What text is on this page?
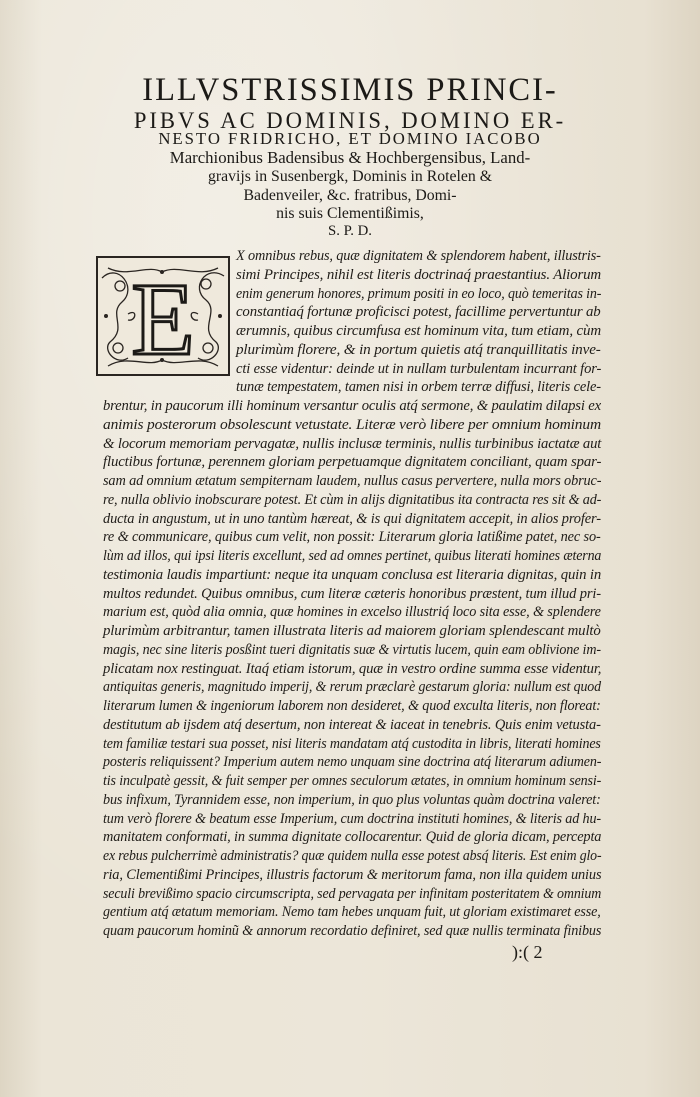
ILLVSTRISSIMIS PRINCI-
PIBVS AC DOMINIS, DOMINO ER-
NESTO FRIDRICHO, ET DOMINO IACOBO
Marchionibus Badensibus & Hochbergensibus, Land-
gravijs in Susenbergk, Dominis in Rotelen &
Badenveiler, &c. fratribus, Domi-
nis suis Clementißimis,
S. P. D.
E
X omnibus rebus, quæ dignitatem & splendorem habent, illustris-
simi Principes, nihil est literis doctrinaq́ praestantius. Aliorum
enim generum honores, primum positi in eo loco, quò temeritas in-
constantiaq́ fortunæ proficisci potest, facillime pervertuntur ab
ærumnis, quibus circumfusa est hominum vita, tum etiam, cùm
plurimùm florere, & in portum quietis atq́ tranquillitatis inve-
cti esse videntur: deinde ut in nullam turbulentam incurrant for-
tunæ tempestatem, tamen nisi in orbem terræ diffusi, literis cele-
brentur, in paucorum illi hominum versantur oculis atq́ sermone, & paulatim dilapsi ex
animis posterorum obsolescunt vetustate. Literæ verò libere per omnium hominum
& locorum memoriam pervagatæ, nullis inclusæ terminis, nullis turbinibus iactatæ aut
fluctibus fortunæ, perennem gloriam perpetuamque dignitatem conciliant, quam spar-
sam ad omnium ætatum sempiternam laudem, nullus casus pervertere, nulla mors obruc-
re, nulla oblivio inobscurare potest. Et cùm in alijs dignitatibus ita contracta res sit & ad-
ducta in angustum, ut in uno tantùm hæreat, & is qui dignitatem accepit, in alios profer-
re & communicare, quibus cum velit, non possit: Literarum gloria latißime patet, nec so-
lùm ad illos, qui ipsi literis excellunt, sed ad omnes pertinet, quibus literati homines æterna
testimonia laudis impartiunt: neque ita unquam conclusa est literaria dignitas, quin in
multos redundet. Quibus omnibus, cum literæ cæteris honoribus præstent, tum illud pri-
marium est, quòd alia omnia, quæ homines in excelso illustriq́ loco sita esse, & splendere
plurimùm arbitrantur, tamen illustrata literis ad maiorem gloriam splendescant multò
magis, nec sine literis posßint tueri dignitatis suæ & virtutis lucem, quin eam oblivione im-
plicatam nox restinguat. Itaq́ etiam istorum, quæ in vestro ordine summa esse videntur,
antiquitas generis, magnitudo imperij, & rerum præclarè gestarum gloria: nullum est quod
literarum lumen & ingeniorum laborem non desideret, & quod exculta literis, non floreat:
destitutum ab ijsdem atq́ desertum, non intereat & iaceat in tenebris. Quis enim vetusta-
tem familiæ testari sua posset, nisi literis mandatam atq́ custodita in libris, literati homines
posteris reliquissent? Imperium autem nemo unquam sine doctrina atq́ literarum adiumen-
tis inculpatè gessit, & fuit semper per omnes seculorum ætates, in omnium hominum sensi-
bus infixum, Tyrannidem esse, non imperium, in quo plus voluntas quàm doctrina valeret:
tum verò florere & beatum esse Imperium, cum doctrina instituti homines, & literis ad hu-
manitatem conformati, in summa dignitate collocarentur. Quid de gloria dicam, percepta
ex rebus pulcherrimè administratis? quæ quidem nulla esse potest absq́ literis. Est enim glo-
ria, Clementißimi Principes, illustris factorum & meritorum fama, non illa quidem unius
seculi brevißimo spacio circumscripta, sed pervagata per infinitam posteritatem & omnium
gentium atq́ ætatum memoriam. Nemo tam hebes unquam fuit, ut gloriam existimaret esse,
quam paucorum hominũ & annorum recordatio definiret, sed quæ nullis terminata finibus
):( 2
